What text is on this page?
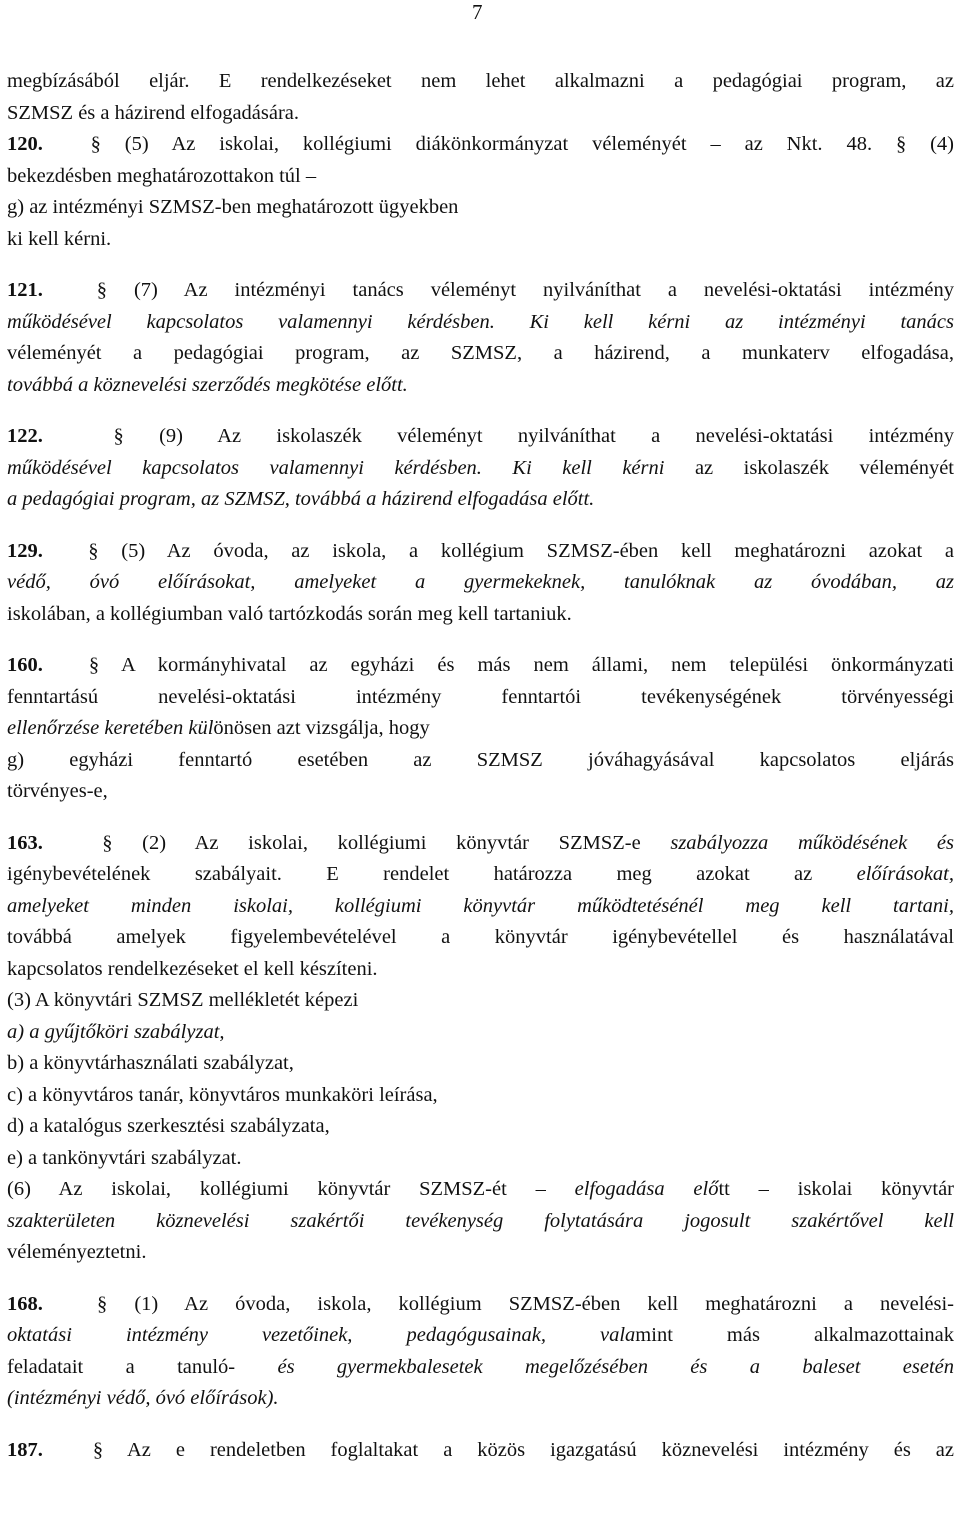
7
megbízásából eljár. E rendelkezéseket nem lehet alkalmazni a pedagógiai program, az
SZMSZ és a házirend elfogadására.
120. § (5) Az iskolai, kollégiumi diákönkormányzat véleményét – az Nkt. 48. § (4)
bekezdésben meghatározottakon túl –
g) az intézményi SZMSZ-ben meghatározott ügyekben
ki kell kérni.
121.	§ (7) Az intézményi tanács véleményt nyilváníthat a nevelési-oktatási intézmény
működésével kapcsolatos valamennyi kérdésben. Ki kell kérni az intézményi tanács
véleményét a pedagógiai program, az SZMSZ, a házirend, a munkaterv elfogadása,
továbbá a köznevelési szerződés megkötése előtt.
122.	§ (9) Az iskolaszék véleményt nyilváníthat a nevelési-oktatási intézmény
működésével kapcsolatos valamennyi kérdésben. Ki kell kérni az iskolaszék véleményét
a pedagógiai program, az SZMSZ, továbbá a házirend elfogadása előtt.
129. § (5) Az óvoda, az iskola, a kollégium SZMSZ-ében kell meghatározni azokat a
védő, óvó előírásokat, amelyeket a gyermekeknek, tanulóknak az óvodában, az
iskolában, a kollégiumban való tartózkodás során meg kell tartaniuk.
160. § A kormányhivatal az egyházi és más nem állami, nem települési önkormányzati
fenntartású nevelési-oktatási intézmény fenntartói tevékenységének törvényességi
ellenőrzése keretében különösen azt vizsgálja, hogy
g) egyházi fenntartó esetében az SZMSZ jóváhagyásával kapcsolatos eljárás
törvényes-e,
163.	§ (2) Az iskolai, kollégiumi könyvtár SZMSZ-e szabályozza működésének és
igénybevételének szabályait. E rendelet határozza meg azokat az előírásokat,
amelyeket minden iskolai, kollégiumi könyvtár működtetésénél meg kell tartani,
továbbá amelyek figyelembevételével a könyvtár igénybevétellel és használatával
kapcsolatos rendelkezéseket el kell készíteni.
(3) A könyvtári SZMSZ mellékletét képezi
a) a gyűjtőköri szabályzat,
b) a könyvtárhasználati szabályzat,
c) a könyvtáros tanár, könyvtáros munkaköri leírása,
d) a katalógus szerkesztési szabályzata,
e) a tankönyvtári szabályzat.
(6) Az iskolai, kollégiumi könyvtár SZMSZ-ét – elfogadása előtt – iskolai könyvtár
szakterületen köznevelési szakértői tevékenység folytatására jogosult szakértővel kell
véleményeztetni.
168.	§ (1) Az óvoda, iskola, kollégium SZMSZ-ében kell meghatározni a nevelési-
oktatási intézmény vezetőinek, pedagógusainak, valamint más alkalmazottainak
feladatait a tanuló- és gyermekbalesetek megelőzésében és a baleset esetén
(intézményi védő, óvó előírások).
187. § Az e rendeletben foglaltakat a közös igazgatású köznevelési intézmény és az
